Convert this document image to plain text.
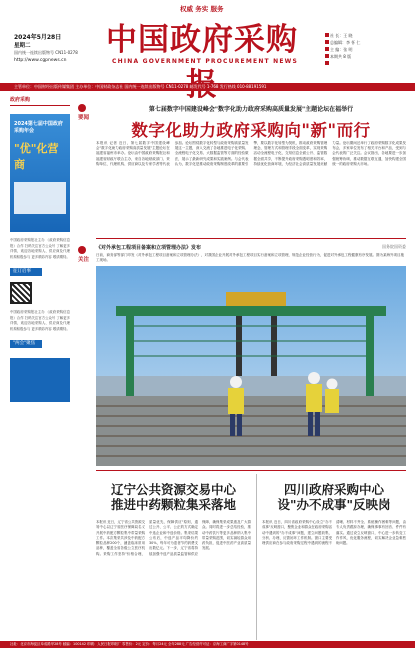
权威 务实 服务
2024年5月28日
星期二
国内统一连续出版物号 CN11-0278
http://www.cgpnews.cn
中国政府采购
CHINA GOVERNMENT PROCUREMENT NEWS
社 长：王 晓
总编辑：李 怀 仁
主 编：张 明
本期共 8 版
主管单位：中国财经出版传媒集团 主办单位：中国财政杂志社 国内统一连续出版物号 CN11-0278 邮发代号 1-768 发行热线 010-88191591
政府采购
2024第七届中国政府采购年会
"优"化营商
中国政府采购报社主办 《政府采购信息报》合作 扫码关注官方公众号 了解更多详情，欢迎各地采购人、供应商及代理机构积极参与 更多精彩内容 敬请期待。
征订启事
中国政府采购报社主办 《政府采购信息报》合作 扫码关注官方公众号 了解更多详情，欢迎各地采购人、供应商及代理机构积极参与 更多精彩内容 敬请期待。
"两会"聚焦
要闻
关注
第七届数字中国建设峰会"数字化助力政府采购高质量发展"主题论坛在福举行
数字化助力政府采购向"新"而行
本报讯 记者 近日，第七届数字中国建设峰会"数字化助力政府采购高质量发展"主题论坛在福建省福州市举办。论坛由中国政府采购报社和福建省财政厅联合主办，来自各地财政部门、采购单位、代理机构、供应商以及专家学者等代表参加。论坛围绕数字化转型与政府采购高质量发展这一主题，深入交流了各地推进电子化采购、全流程电子化交易、大数据监管等方面的经验做法，展示了最新研究成果和实践案例。与会代表认为，数字化是推动政府采购制度改革的重要引擎，要以数字化转型为契机，推动政府采购管理理念、管理方式和管理手段全面变革，实现采购活动全流程电子化、交易信息全面公开、监管数据全面共享，不断提升政府采购透明度和效率，持续优化营商环境，为经济社会高质量发展贡献力量。论坛期间还举行了政府采购数字化成果发布会，多家单位发布了相关平台和产品，受到与会代表的广泛关注。会议指出，各地要进一步加强统筹协调，推动数据互联互通，加快构建全国统一的政府采购大市场。
《对外承包工程项目备案和立项管理办法》发布	国务院国资委
日前，商务部等部门印发《对外承包工程项目备案和立项管理办法》，对我国企业开展对外承包工程项目实行备案和立项管理，规范企业经营行为，促进对外承包工程健康有序发展。图为某海外项目施工现场。
辽宁公共资源交易中心
推进中药颗粒集采落地
本报讯 近日，辽宁省公共资源交易中心以辽宁省医疗保障局名义开展中药配方颗粒集中带量采购工作。本次集采共涉及中药配方颗粒品种200个，涵盖临床常用品种，覆盖全省各级公立医疗机构。采购工作坚持"价格合理、质量优先、保障供应"原则，通过公开、公平、公正的方式确定中选企业和中选价格。集采结果公布后，中选产品平均降价约30%，每年可为患者节约药费支出数亿元。下一步，辽宁省将持续加强中选产品质量监管和供应保障，确保集采成果惠及广大群众。同时将进一步总结经验，推动中药饮片等更多品种纳入集中带量采购范围，切实减轻群众用药负担，促进中医药产业高质量发展。
四川政府采购中心
设"办不成事"反映岗
本报讯 近日，四川省政府采购中心设立"办不成事"反映窗口，聚焦企业和群众在政府采购活动中遇到的"办不成事"问题，建立问题收集、分析、办理、反馈闭环工作机制。窗口主要受理供应商在参与政府采购过程中遇到的流程不清晰、材料不齐全、系统操作困难等问题，由专人负责跟踪办理，确保事事有回音、件件有落实。通过设立反映窗口，中心进一步转变工作作风，优化服务流程，切实解决企业急难愁盼问题。
社址：北京市海淀区阜成路甲28号 邮编：100142 印刷：人民日报印刷厂 零售价：2元 定价：每月24元 全年288元 广告经营许可证：京海工商广字第0148号
